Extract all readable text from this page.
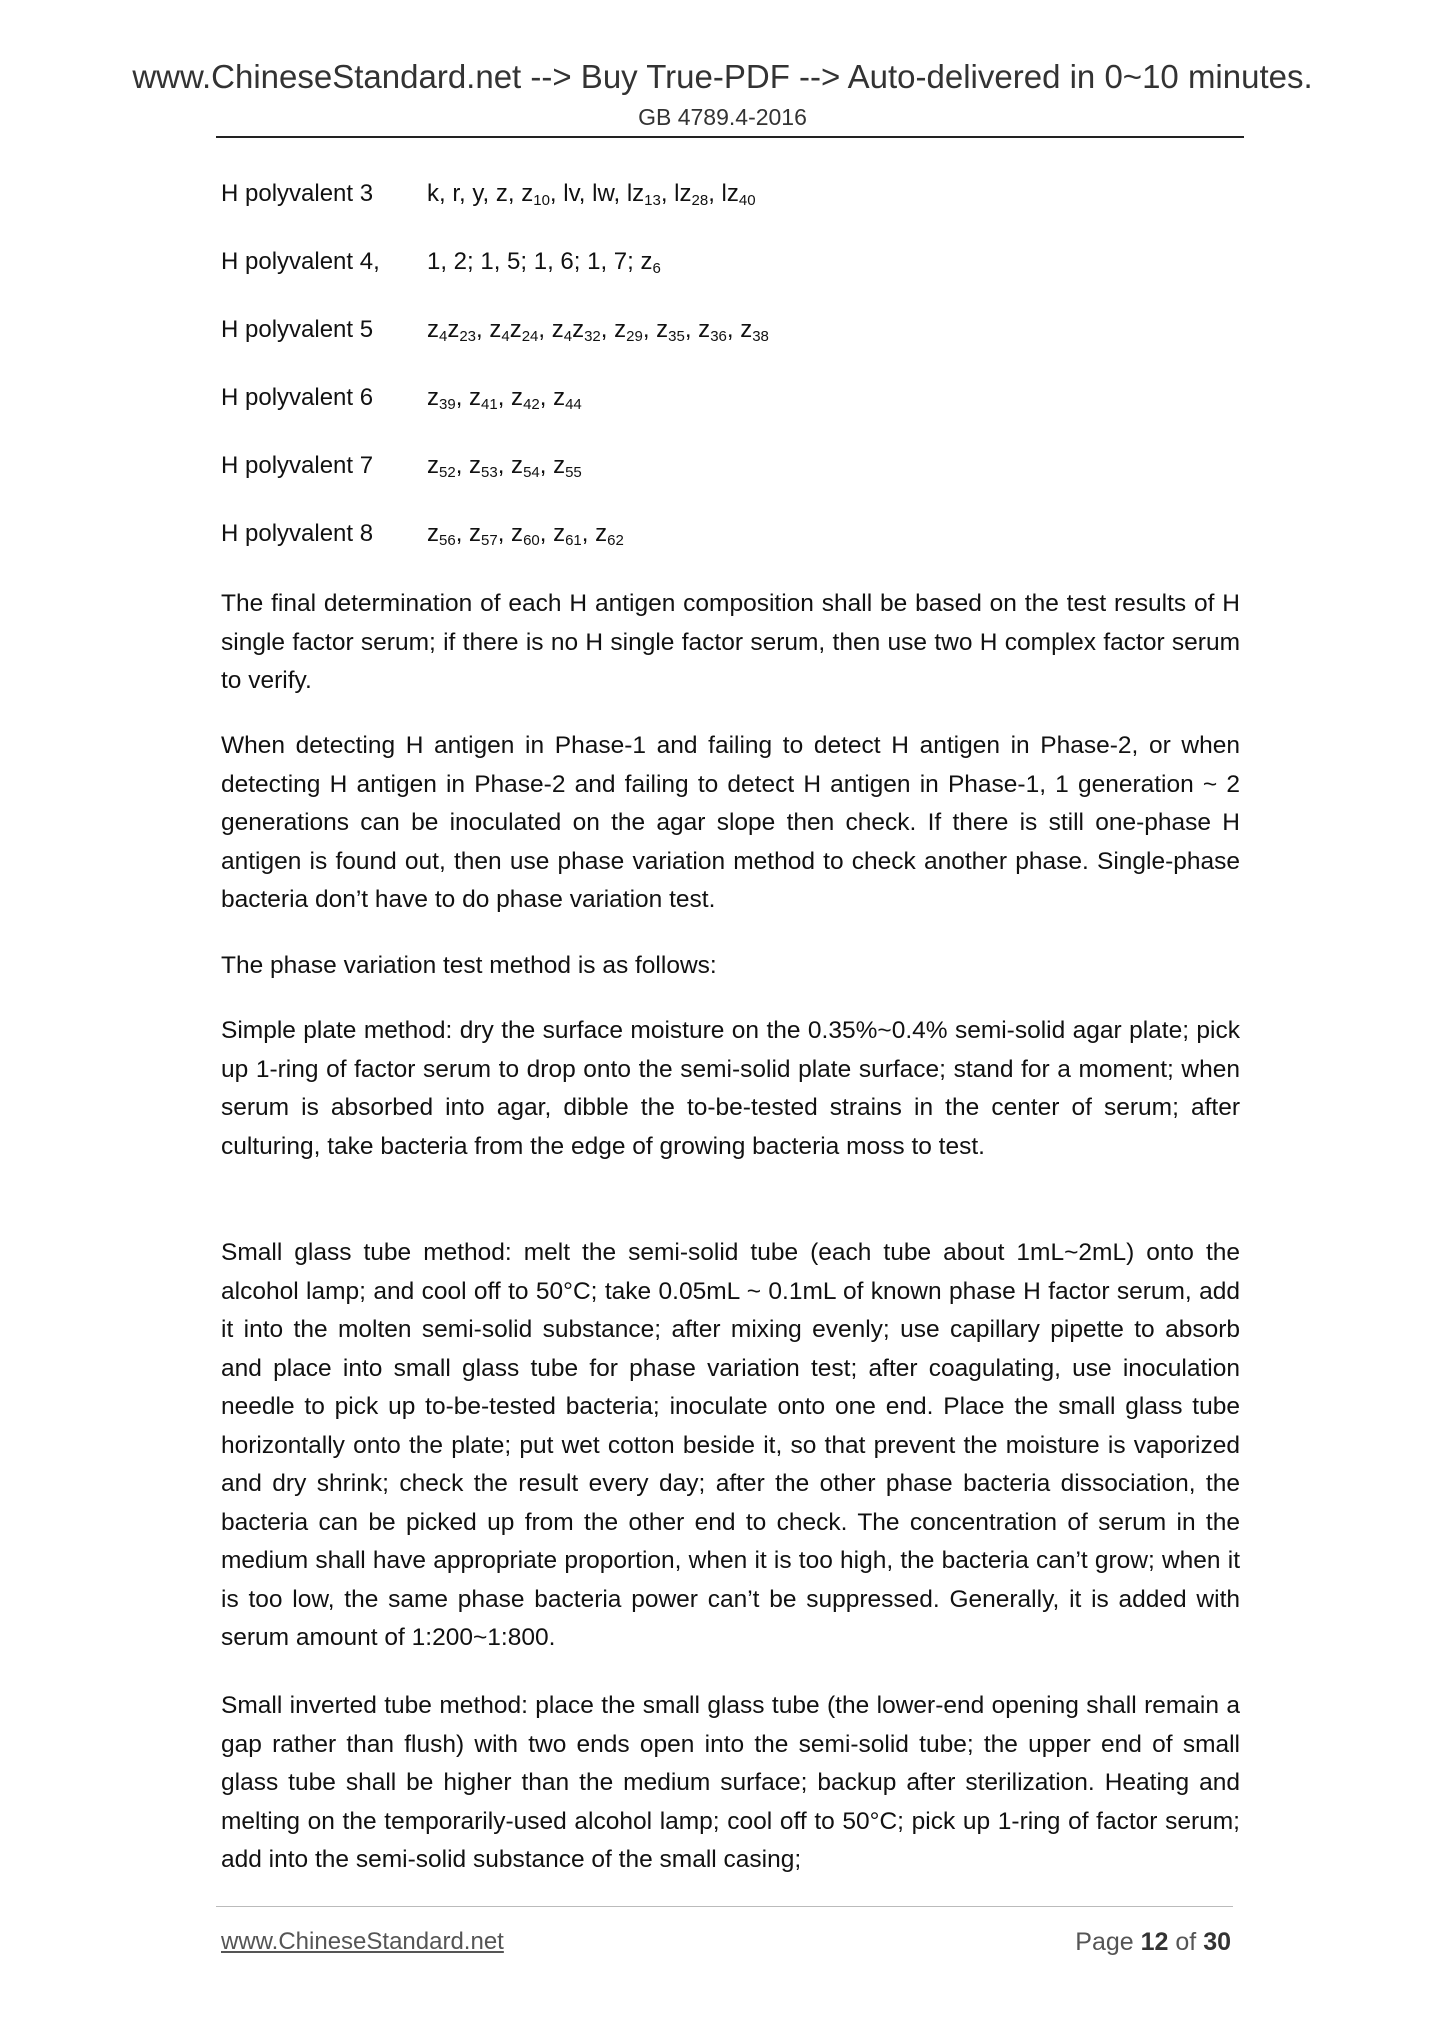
www.ChineseStandard.net --> Buy True-PDF --> Auto-delivered in 0~10 minutes.
GB 4789.4-2016
H polyvalent 3 k, r, y, z, $z_{10}$, lv, lw, $lz_{13}$, $lz_{28}$, $lz_{40}$
H polyvalent 4, 1, 2; 1, 5; 1, 6; 1, 7; $z_6$
H polyvalent 5 $z_4z_{23}$, $z_4z_{24}$, $z_4z_{32}$, $z_{29}$, $z_{35}$, $z_{36}$, $z_{38}$
H polyvalent 6 $z_{39}$, $z_{41}$, $z_{42}$, $z_{44}$
H polyvalent 7 $z_{52}$, $z_{53}$, $z_{54}$, $z_{55}$
H polyvalent 8 $z_{56}$, $z_{57}$, $z_{60}$, $z_{61}$, $z_{62}$

The final determination of each H antigen composition shall be based on the test results of H single factor serum; if there is no H single factor serum, then use two H complex factor serum to verify.

When detecting H antigen in Phase-1 and failing to detect H antigen in Phase-2, or when detecting H antigen in Phase-2 and failing to detect H antigen in Phase-1, 1 generation ~ 2 generations can be inoculated on the agar slope then check. If there is still one-phase H antigen is found out, then use phase variation method to check another phase. Single-phase bacteria don’t have to do phase variation test.

The phase variation test method is as follows:

Simple plate method: dry the surface moisture on the 0.35%~0.4% semi-solid agar plate; pick up 1-ring of factor serum to drop onto the semi-solid plate surface; stand for a moment; when serum is absorbed into agar, dibble the to-be-tested strains in the center of serum; after culturing, take bacteria from the edge of growing bacteria moss to test.

Small glass tube method: melt the semi-solid tube (each tube about 1mL~2mL) onto the alcohol lamp; and cool off to 50°C; take 0.05mL ~ 0.1mL of known phase H factor serum, add it into the molten semi-solid substance; after mixing evenly; use capillary pipette to absorb and place into small glass tube for phase variation test; after coagulating, use inoculation needle to pick up to-be-tested bacteria; inoculate onto one end. Place the small glass tube horizontally onto the plate; put wet cotton beside it, so that prevent the moisture is vaporized and dry shrink; check the result every day; after the other phase bacteria dissociation, the bacteria can be picked up from the other end to check. The concentration of serum in the medium shall have appropriate proportion, when it is too high, the bacteria can’t grow; when it is too low, the same phase bacteria power can’t be suppressed. Generally, it is added with serum amount of 1:200~1:800.

Small inverted tube method: place the small glass tube (the lower-end opening shall remain a gap rather than flush) with two ends open into the semi-solid tube; the upper end of small glass tube shall be higher than the medium surface; backup after sterilization. Heating and melting on the temporarily-used alcohol lamp; cool off to 50°C; pick up 1-ring of factor serum; add into the semi-solid substance of the small casing;

www.ChineseStandard.net	Page 12 of 30
